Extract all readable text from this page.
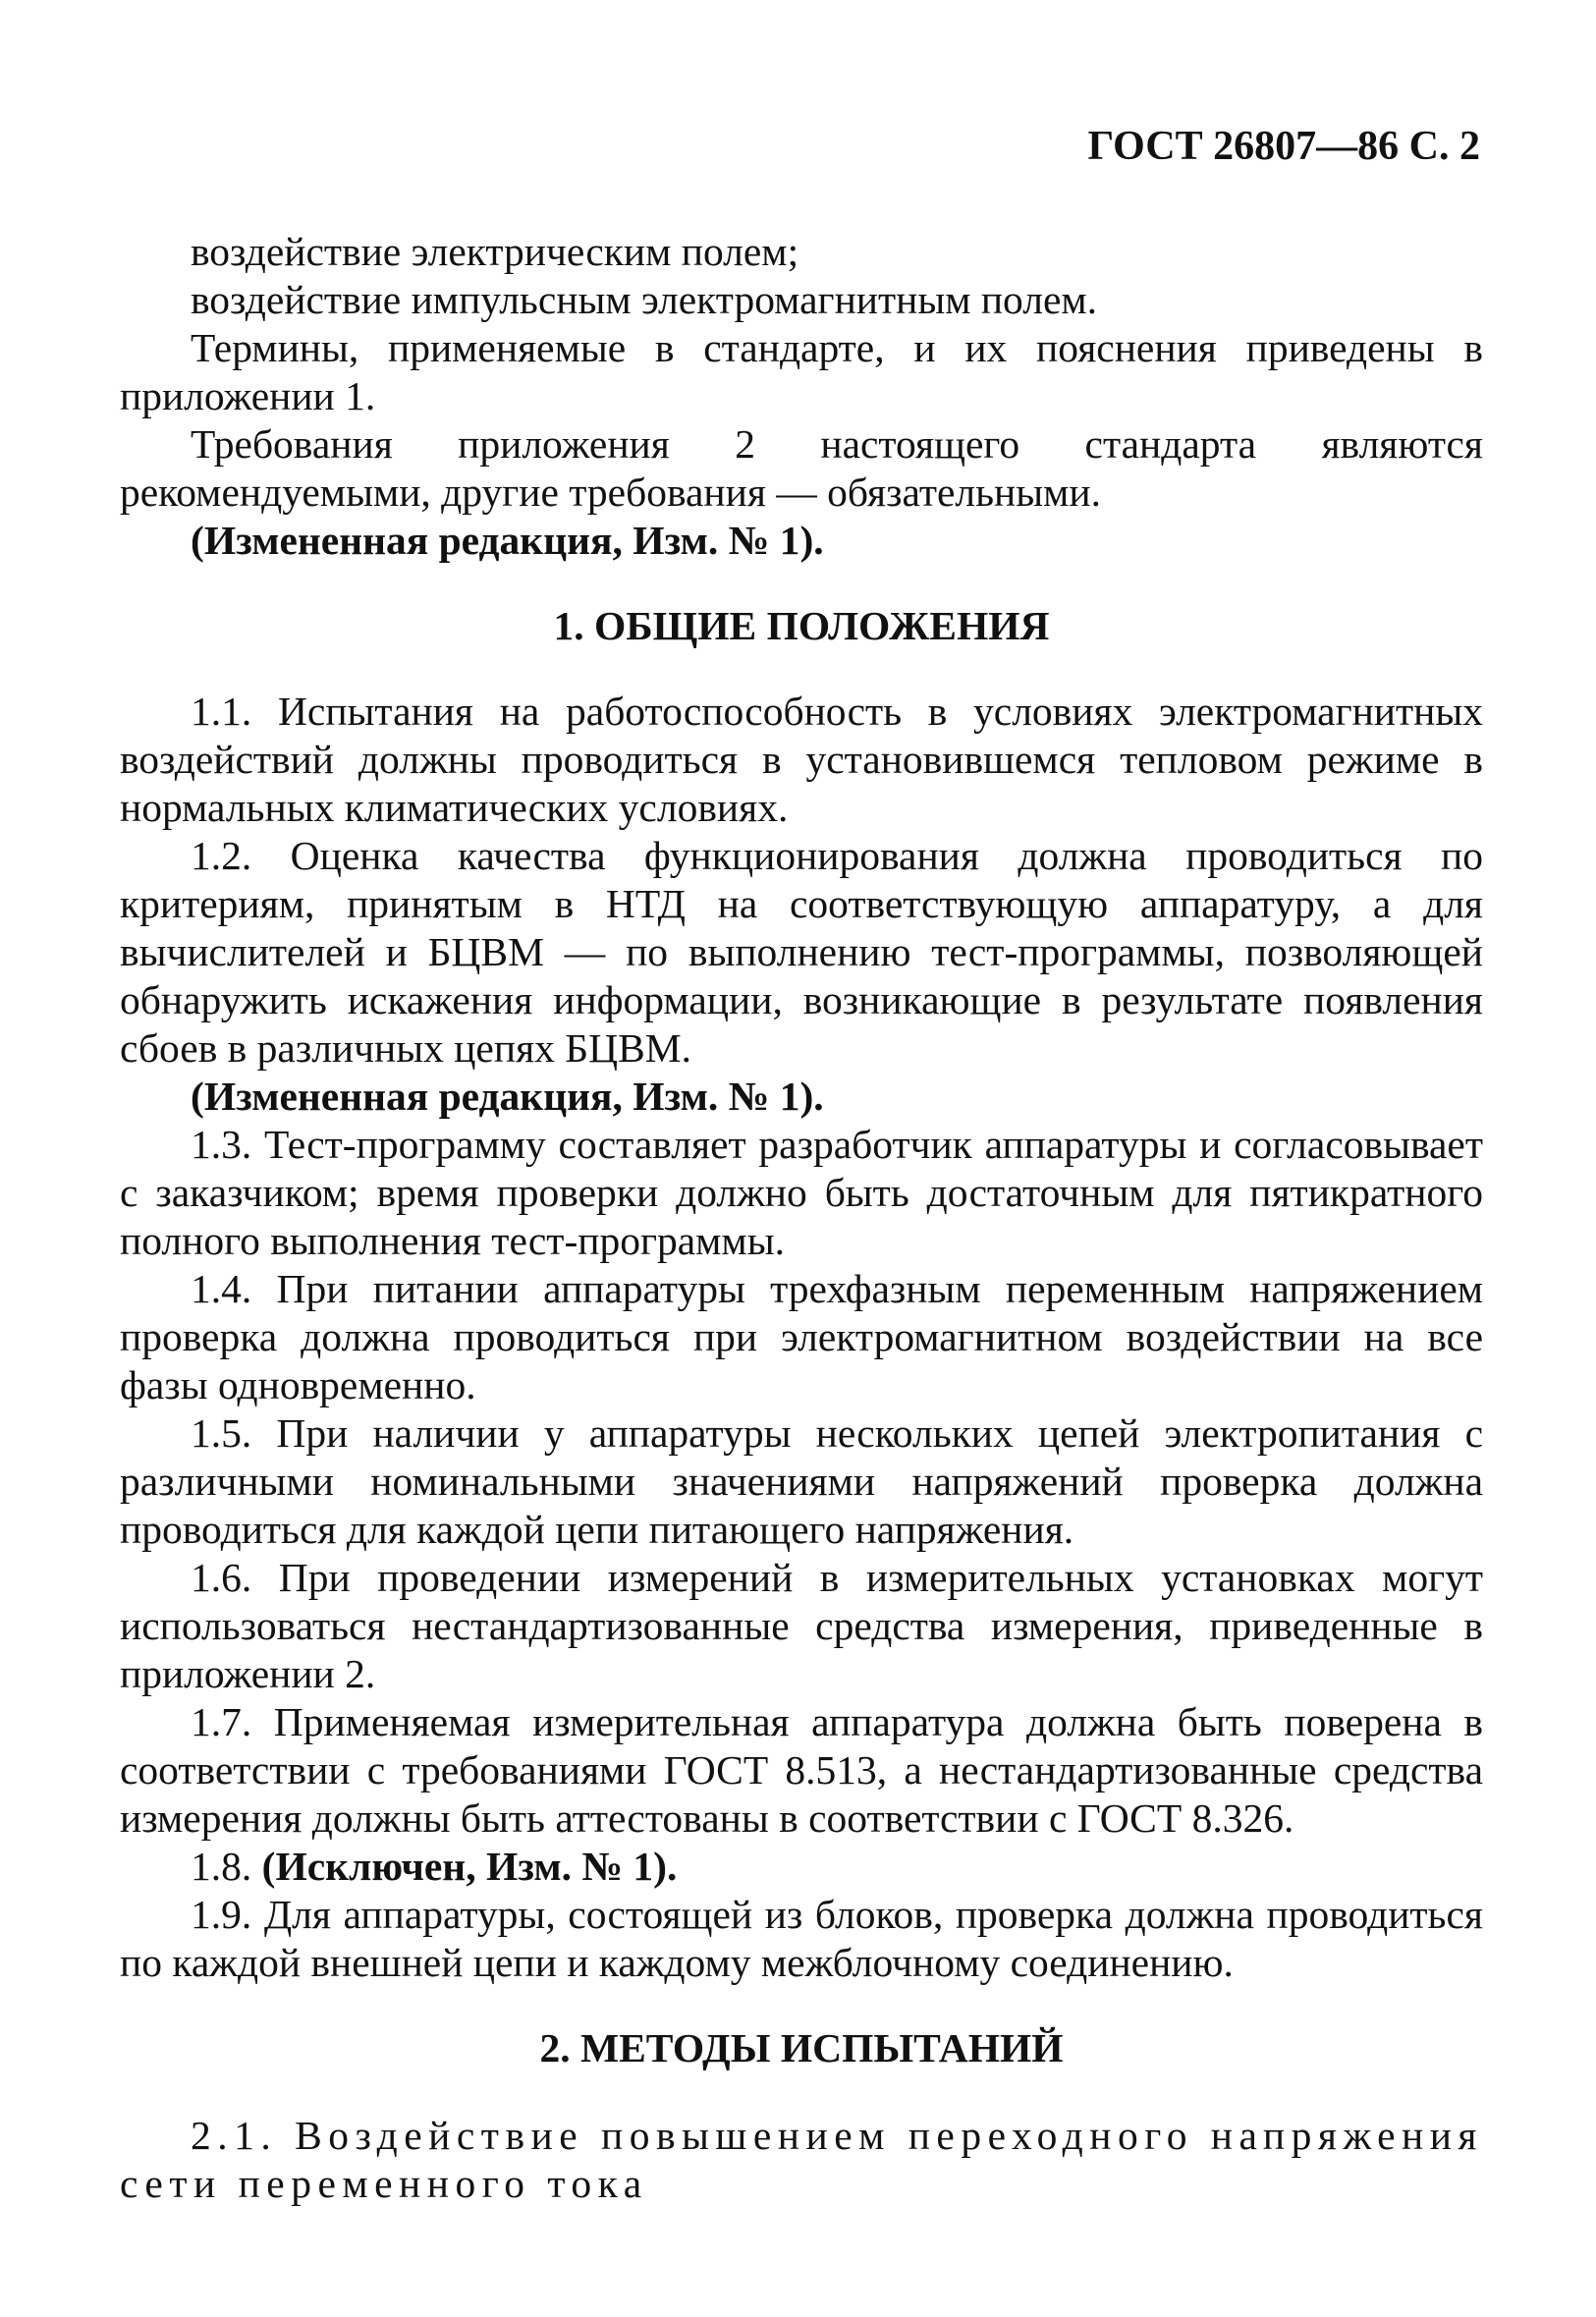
ГОСТ 26807—86 С. 2

воздействие электрическим полем;

воздействие импульсным электромагнитным полем.

Термины, применяемые в стандарте, и их пояснения приведены в приложении 1.

Требования приложения 2 настоящего стандарта являются рекомендуемыми, другие требования — обязательными.

(Измененная редакция, Изм. № 1).

1. ОБЩИЕ ПОЛОЖЕНИЯ

1.1. Испытания на работоспособность в условиях электромагнитных воздействий должны проводиться в установившемся тепловом режиме в нормальных климатических условиях.

1.2. Оценка качества функционирования должна проводиться по критериям, принятым в НТД на соответствующую аппаратуру, а для вычислителей и БЦВМ — по выполнению тест-программы, позволяющей обнаружить искажения информации, возникающие в результате появления сбоев в различных цепях БЦВМ.

(Измененная редакция, Изм. № 1).

1.3. Тест-программу составляет разработчик аппаратуры и согласовывает с заказчиком; время проверки должно быть достаточным для пятикратного полного выполнения тест-программы.

1.4. При питании аппаратуры трехфазным переменным напряжением проверка должна проводиться при электромагнитном воздействии на все фазы одновременно.

1.5. При наличии у аппаратуры нескольких цепей электропитания с различными номинальными значениями напряжений проверка должна проводиться для каждой цепи питающего напряжения.

1.6. При проведении измерений в измерительных установках могут использоваться нестандартизованные средства измерения, приведенные в приложении 2.

1.7. Применяемая измерительная аппаратура должна быть поверена в соответствии с требованиями ГОСТ 8.513, а нестандартизованные средства измерения должны быть аттестованы в соответствии с ГОСТ 8.326.

1.8. (Исключен, Изм. № 1).

1.9. Для аппаратуры, состоящей из блоков, проверка должна проводиться по каждой внешней цепи и каждому межблочному соединению.

2. МЕТОДЫ ИСПЫТАНИЙ

2.1. Воздействие повышением переходного напряжения сети переменного тока
